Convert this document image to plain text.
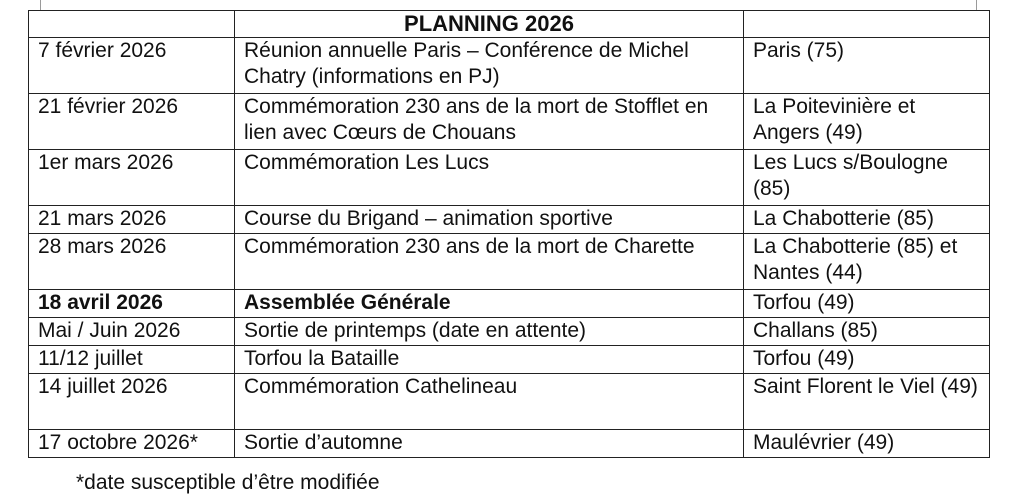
	PLANNING 2026	
7 février 2026	Réunion annuelle Paris – Conférence de Michel Chatry (informations en PJ)	Paris (75)
21 février 2026	Commémoration 230 ans de la mort de Stofflet en lien avec Cœurs de Chouans	La Poitevinière et Angers (49)
1er mars 2026	Commémoration Les Lucs	Les Lucs s/Boulogne (85)
21 mars 2026	Course du Brigand – animation sportive	La Chabotterie (85)
28 mars 2026	Commémoration 230 ans de la mort de Charette	La Chabotterie (85) et Nantes (44)
18 avril 2026	Assemblée Générale	Torfou (49)
Mai / Juin 2026	Sortie de printemps (date en attente)	Challans (85)
11/12 juillet	Torfou la Bataille	Torfou (49)
14 juillet 2026	Commémoration Cathelineau	Saint Florent le Viel (49)
17 octobre 2026*	Sortie d’automne	Maulévrier (49)
*date susceptible d’être modifiée
